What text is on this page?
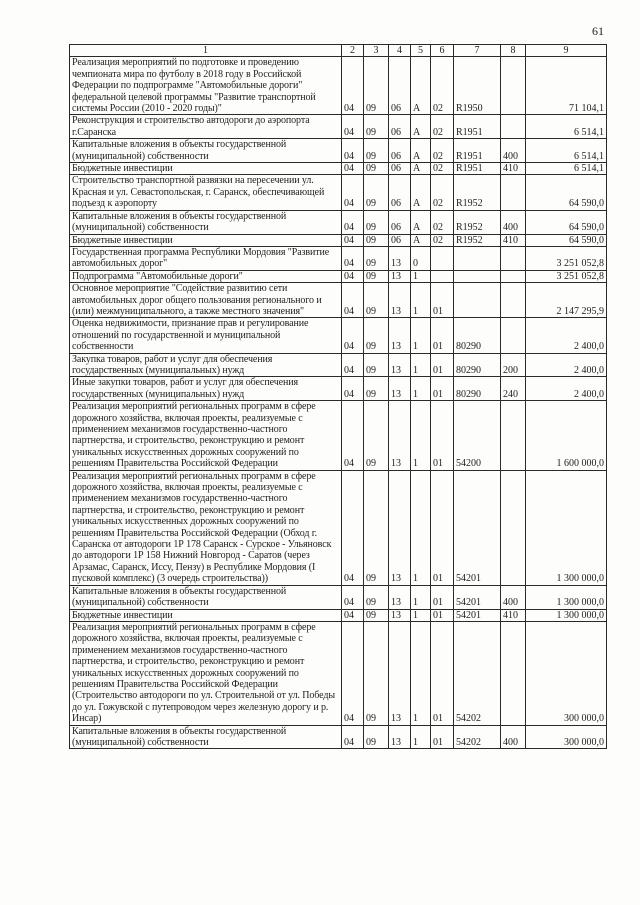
61
1	2	3	4	5	6	7	8	9
Реализация мероприятий по подготовке и проведению чемпионата мира по футболу в 2018 году в Российской Федерации по подпрограмме "Автомобильные дороги" федеральной целевой программы "Развитие транспортной системы России (2010 - 2020 годы)"	04	09	06	А	02	R1950		71 104,1
Реконструкция и строительство автодороги до аэропорта г.Саранска	04	09	06	А	02	R1951		6 514,1
Капитальные вложения в объекты государственной (муниципальной) собственности	04	09	06	А	02	R1951	400	6 514,1
Бюджетные инвестиции	04	09	06	А	02	R1951	410	6 514,1
Строительство транспортной развязки на пересечении ул. Красная и ул. Севастопольская, г. Саранск, обеспечивающей подъезд к аэропорту	04	09	06	А	02	R1952		64 590,0
Капитальные вложения в объекты государственной (муниципальной) собственности	04	09	06	А	02	R1952	400	64 590,0
Бюджетные инвестиции	04	09	06	А	02	R1952	410	64 590,0
Государственная программа Республики Мордовия "Развитие автомобильных дорог"	04	09	13	0				3 251 052,8
Подпрограмма "Автомобильные дороги"	04	09	13	1				3 251 052,8
Основное мероприятие "Содействие развитию сети автомобильных дорог общего пользования регионального и (или) межмуниципального, а также местного значения"	04	09	13	1	01			2 147 295,9
Оценка недвижимости, признание прав и регулирование отношений по государственной и муниципальной собственности	04	09	13	1	01	80290		2 400,0
Закупка товаров, работ и услуг для обеспечения государственных (муниципальных) нужд	04	09	13	1	01	80290	200	2 400,0
Иные закупки товаров, работ и услуг для обеспечения государственных (муниципальных) нужд	04	09	13	1	01	80290	240	2 400,0
Реализация мероприятий региональных программ в сфере дорожного хозяйства, включая проекты, реализуемые с применением механизмов государственно-частного партнерства, и строительство, реконструкцию и ремонт уникальных искусственных дорожных сооружений по решениям Правительства Российской Федерации	04	09	13	1	01	54200		1 600 000,0
Реализация мероприятий региональных программ в сфере дорожного хозяйства, включая проекты, реализуемые с применением механизмов государственно-частного партнерства, и строительство, реконструкцию и ремонт уникальных искусственных дорожных сооружений по решениям Правительства Российской Федерации (Обход г. Саранска от автодороги 1Р 178 Саранск - Сурское - Ульяновск до автодороги 1Р 158 Нижний Новгород - Саратов (через Арзамас, Саранск, Иссу, Пензу) в Республике Мордовия (I пусковой комплекс) (3 очередь строительства))	04	09	13	1	01	54201		1 300 000,0
Капитальные вложения в объекты государственной (муниципальной) собственности	04	09	13	1	01	54201	400	1 300 000,0
Бюджетные инвестиции	04	09	13	1	01	54201	410	1 300 000,0
Реализация мероприятий региональных программ в сфере дорожного хозяйства, включая проекты, реализуемые с применением механизмов государственно-частного партнерства, и строительство, реконструкцию и ремонт уникальных искусственных дорожных сооружений по решениям Правительства Российской Федерации (Строительство автодороги по ул. Строительной от ул. Победы до ул. Гожувской с путепроводом через железную дорогу и р. Инсар)	04	09	13	1	01	54202		300 000,0
Капитальные вложения в объекты государственной (муниципальной) собственности	04	09	13	1	01	54202	400	300 000,0
